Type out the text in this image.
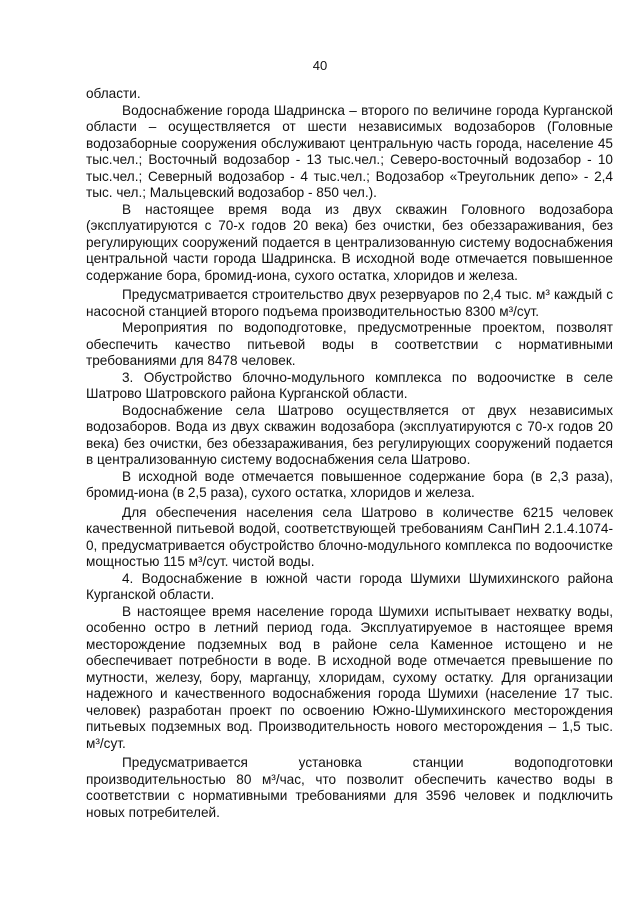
40

области.

Водоснабжение города Шадринска – второго по величине города Курганской области – осуществляется от шести независимых водозаборов (Головные водозаборные сооружения обслуживают центральную часть города, население 45 тыс.чел.; Восточный водозабор - 13 тыс.чел.; Северо-восточный водозабор - 10 тыс.чел.; Северный водозабор - 4 тыс.чел.; Водозабор «Треугольник депо» - 2,4 тыс. чел.; Мальцевский водозабор - 850 чел.).

В настоящее время вода из двух скважин Головного водозабора (эксплуатируются с 70-х годов 20 века) без очистки, без обеззараживания, без регулирующих сооружений подается в централизованную систему водоснабжения центральной части города Шадринска. В исходной воде отмечается повышенное содержание бора, бромид-иона, сухого остатка, хлоридов и железа.

Предусматривается строительство двух резервуаров по 2,4 тыс. м³ каждый с насосной станцией второго подъема производительностью 8300 м³/сут.

Мероприятия по водоподготовке, предусмотренные проектом, позволят обеспечить качество питьевой воды в соответствии с нормативными требованиями для 8478 человек.

3. Обустройство блочно-модульного комплекса по водоочистке в селе Шатрово Шатровского района Курганской области.

Водоснабжение села Шатрово осуществляется от двух независимых водозаборов. Вода из двух скважин водозабора (эксплуатируются с 70-х годов 20 века) без очистки, без обеззараживания, без регулирующих сооружений подается в централизованную систему водоснабжения села Шатрово.

В исходной воде отмечается повышенное содержание бора (в 2,3 раза), бромид-иона (в 2,5 раза), сухого остатка, хлоридов и железа.

Для обеспечения населения села Шатрово в количестве 6215 человек качественной питьевой водой, соответствующей требованиям СанПиН 2.1.4.1074-0, предусматривается обустройство блочно-модульного комплекса по водоочистке мощностью 115 м³/сут. чистой воды.

4. Водоснабжение в южной части города Шумихи Шумихинского района Курганской области.

В настоящее время население города Шумихи испытывает нехватку воды, особенно остро в летний период года. Эксплуатируемое в настоящее время месторождение подземных вод в районе села Каменное истощено и не обеспечивает потребности в воде. В исходной воде отмечается превышение по мутности, железу, бору, марганцу, хлоридам, сухому остатку. Для организации надежного и качественного водоснабжения города Шумихи (население 17 тыс. человек) разработан проект по освоению Южно-Шумихинского месторождения питьевых подземных вод. Производительность нового месторождения – 1,5 тыс. м³/сут.

Предусматривается установка станции водоподготовки производительностью 80 м³/час, что позволит обеспечить качество воды в соответствии с нормативными требованиями для 3596 человек и подключить новых потребителей.
